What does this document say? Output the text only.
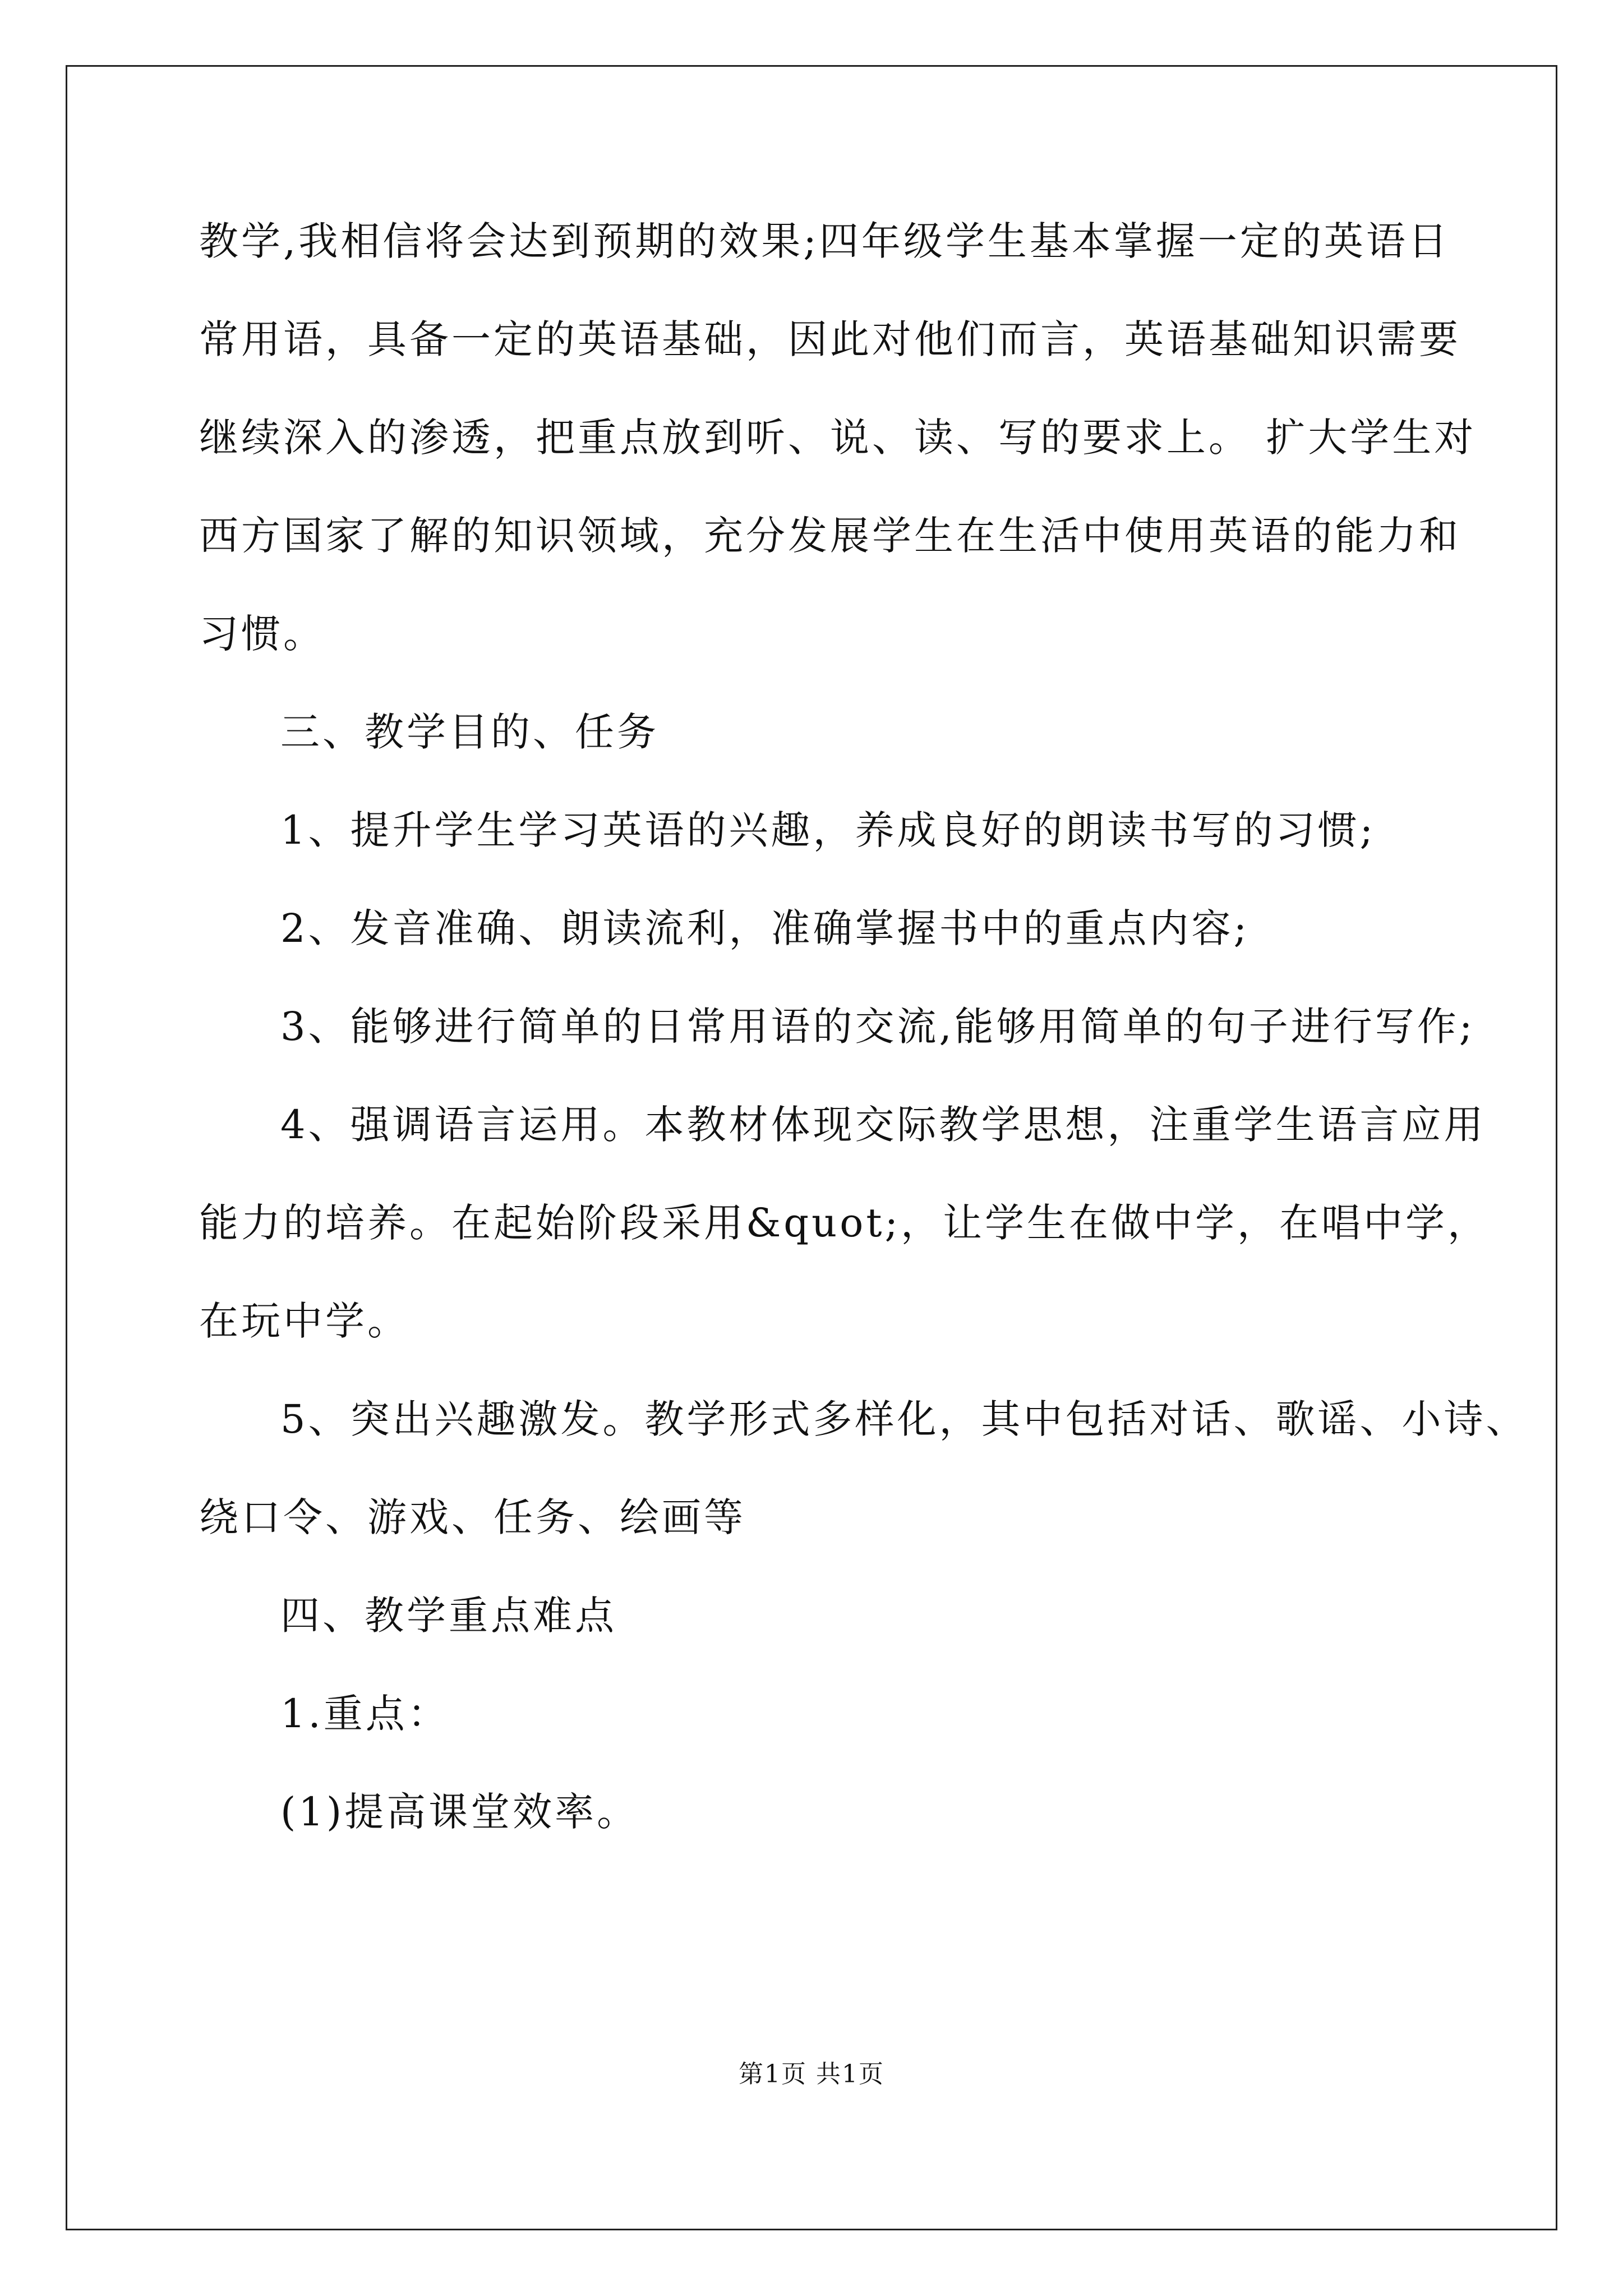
教学,我相信将会达到预期的效果;四年级学生基本掌握一定的英语日
常用语，具备一定的英语基础，因此对他们而言，英语基础知识需要
继续深入的渗透，把重点放到听、说、读、写的要求上。 扩大学生对
西方国家了解的知识领域，充分发展学生在生活中使用英语的能力和
习惯。
三、教学目的、任务
1、提升学生学习英语的兴趣，养成良好的朗读书写的习惯;
2、发音准确、朗读流利，准确掌握书中的重点内容;
3、能够进行简单的日常用语的交流,能够用简单的句子进行写作;
4、强调语言运用。本教材体现交际教学思想，注重学生语言应用
能力的培养。在起始阶段采用&quot;，让学生在做中学，在唱中学，
在玩中学。
5、突出兴趣激发。教学形式多样化，其中包括对话、歌谣、小诗、
绕口令、游戏、任务、绘画等
四、教学重点难点
1.重点：
(1)提高课堂效率。
第1页 共1页
